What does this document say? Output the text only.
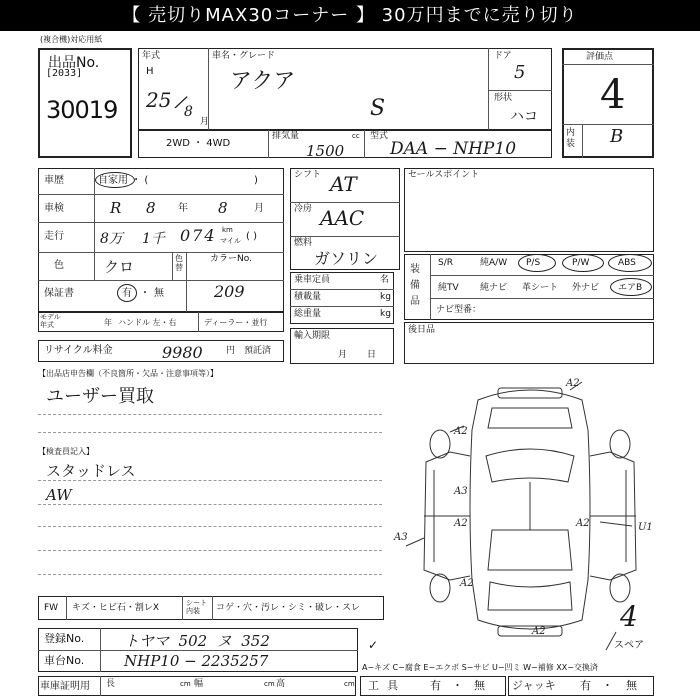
【 売切りMAX30コーナー 】 30万円までに売り切り
(複合機)対応用紙
出品No.
[2033]
30019
年式
H
25 /
8
月
車名・グレード
アクア
S
ドア
5
形状
ハコ
評価点
4
内装 B
2WD ・ 4WD
排気量	cc
1500
型式
DAA − NHP10
車歴	自家用 ・ (	)
車検	R 8 年 8	月
走行	8万 1千 074 km
マイル ( )
色	クロ	色替
カラーNo.
保証書	有 ・ 無	209
モデル年式	年 ハンドル 左・右	ディーラー・並行
リサイクル料金	9980	円 預託済
シフト AT
冷房 AAC
燃料
ガソリン
乗車定員	名
積載量	kg
総重量	kg
輸入期限
月日
セールスポイント
装備品
S/R	純A/W P/S	P/W	ABS
純TV 純ナビ 革シート 外ナビ エアB
ナビ型番：
後日品
【出品店申告欄（不良箇所・欠品・注意事項等）】
ユーザー買取
【検査員記入】
スタッドレス
AW
FW キズ・ヒビ石・割レX	シート内装	コゲ・穴・汚レ・シミ・破レ・スレ
登録No.	トヤマ  502  ヌ  352
車台No.	NHP10 − 2235257
✓
車庫証明用 長	cm 幅	cm 高	cm
A2
A2
A3
A2	A2	U1
A3
A2
A2	4
スペア
A−キズ C−腐食 E−エクボ S−サビ U−凹ミ W−補修 XX−交換済
工具 有 ・ 無 ジャッキ 有 ・ 無
